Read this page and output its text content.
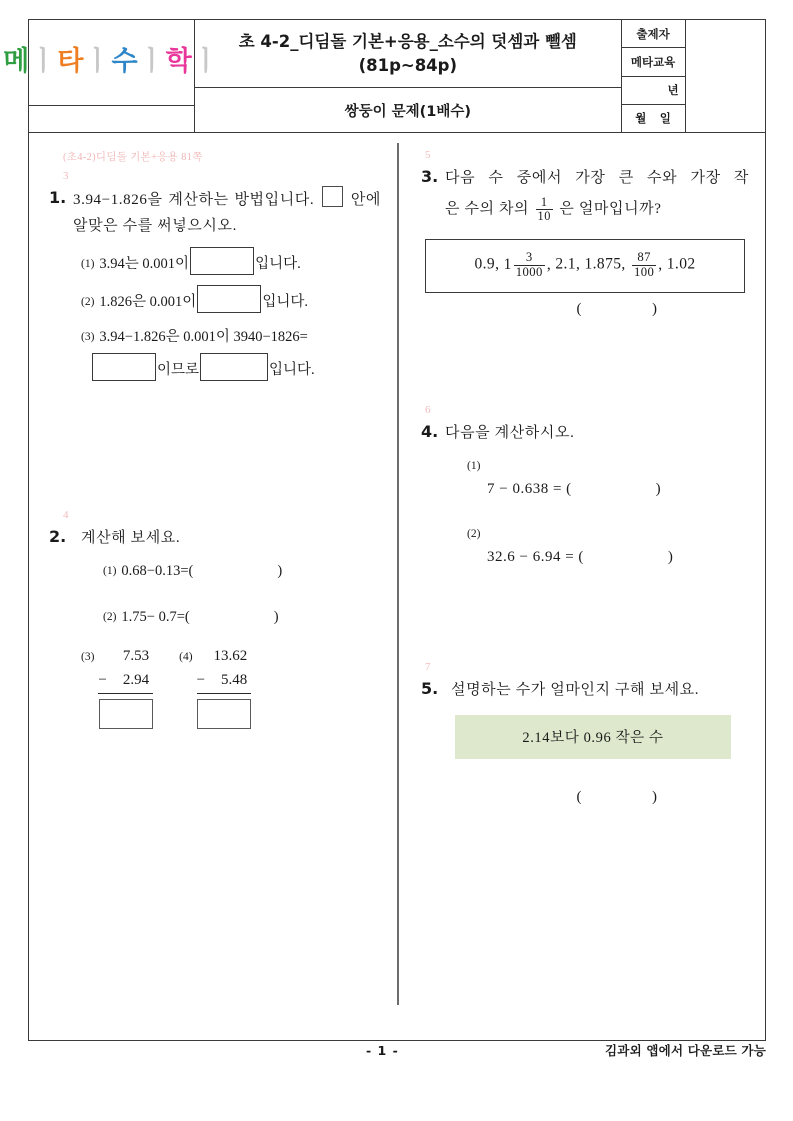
메ㅣ타ㅣ수ㅣ학ㅣ
초 4-2_디딤돌 기본+응용_소수의 덧셈과 뺄셈
(81p~84p)
쌍둥이 문제(1배수)
출제자
메타교육
년
월 일
(초4-2)디딤돌 기본+응용 81쪽
3
1. 3.94−1.826을 계산하는 방법입니다. 안에 알맞은 수를 써넣으시오.
(1) 3.94는 0.001이	입니다.
(2) 1.826은 0.001이	입니다.
(3) 3.94−1.826은 0.001이 3940−1826=
이므로	입니다.
4
2. 계산해 보세요.
(1) 0.68−0.13=(	)
(2) 1.75− 0.7=(	)
(3) 7.53
− 2.94
(4) 13.62
− 5.48
5
3. 다음 수 중에서 가장 큰 수와 가장 작
은 수의 차의 $\frac{1}{10}$ 은 얼마입니까?
0.9, $1 \frac{3}{1000}$ , 2.1, 1.875, $\frac{87}{100}$ , 1.02
(	)
6
4. 다음을 계산하시오.
(1)
7 − 0.638 = (	)
(2)
32.6 − 6.94 = (	)
7
5. 설명하는 수가 얼마인지 구해 보세요.
2.14보다 0.96 작은 수
(	)
- 1 -	김과외 앱에서 다운로드 가능
